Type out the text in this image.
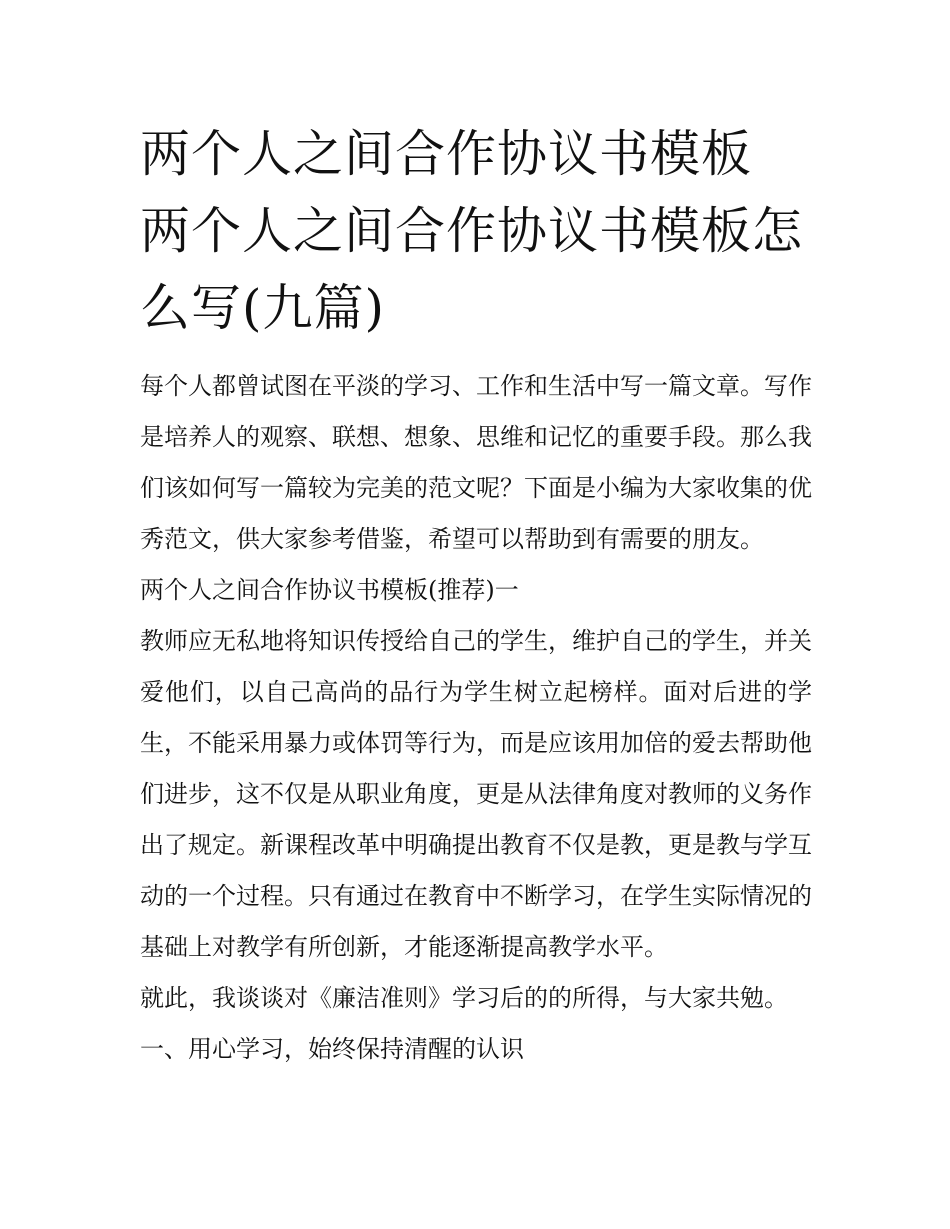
两个人之间合作协议书模板 两个人之间合作协议书模板怎么写(九篇)

每个人都曾试图在平淡的学习、工作和生活中写一篇文章。写作是培养人的观察、联想、想象、思维和记忆的重要手段。那么我们该如何写一篇较为完美的范文呢？下面是小编为大家收集的优秀范文，供大家参考借鉴，希望可以帮助到有需要的朋友。

两个人之间合作协议书模板(推荐)一

教师应无私地将知识传授给自己的学生，维护自己的学生，并关爱他们，以自己高尚的品行为学生树立起榜样。面对后进的学生，不能采用暴力或体罚等行为，而是应该用加倍的爱去帮助他们进步，这不仅是从职业角度，更是从法律角度对教师的义务作出了规定。新课程改革中明确提出教育不仅是教，更是教与学互动的一个过程。只有通过在教育中不断学习，在学生实际情况的基础上对教学有所创新，才能逐渐提高教学水平。

就此，我谈谈对《廉洁准则》学习后的的所得，与大家共勉。

一、用心学习，始终保持清醒的认识
